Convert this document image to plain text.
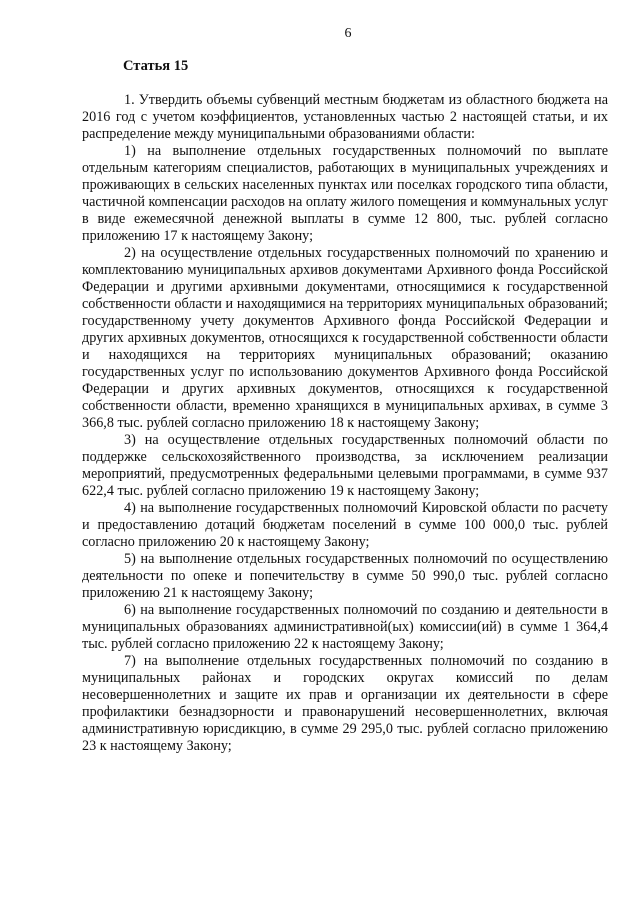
6
Статья 15

1. Утвердить объемы субвенций местным бюджетам из областного бюджета на 2016 год с учетом коэффициентов, установленных частью 2 настоящей статьи, и их распределение между муниципальными образованиями области:

1) на выполнение отдельных государственных полномочий по выплате отдельным категориям специалистов, работающих в муниципальных учреждениях и проживающих в сельских населенных пунктах или поселках городского типа области, частичной компенсации расходов на оплату жилого помещения и коммунальных услуг в виде ежемесячной денежной выплаты в сумме 12 800, тыс. рублей согласно приложению 17 к настоящему Закону;

2) на осуществление отдельных государственных полномочий по хранению и комплектованию муниципальных архивов документами Архивного фонда Российской Федерации и другими архивными документами, относящимися к государственной собственности области и находящимися на территориях муниципальных образований; государственному учету документов Архивного фонда Российской Федерации и других архивных документов, относящихся к государственной собственности области и находящихся на территориях муниципальных образований; оказанию государственных услуг по использованию документов Архивного фонда Российской Федерации и других архивных документов, относящихся к государственной собственности области, временно хранящихся в муниципальных архивах, в сумме 3 366,8 тыс. рублей согласно приложению 18 к настоящему Закону;

3) на осуществление отдельных государственных полномочий области по поддержке сельскохозяйственного производства, за исключением реализации мероприятий, предусмотренных федеральными целевыми программами, в сумме 937 622,4 тыс. рублей согласно приложению 19 к настоящему Закону;

4) на выполнение государственных полномочий Кировской области по расчету и предоставлению дотаций бюджетам поселений в сумме 100 000,0 тыс. рублей согласно приложению 20 к настоящему Закону;

5) на выполнение отдельных государственных полномочий по осуществлению деятельности по опеке и попечительству в сумме 50 990,0 тыс. рублей согласно приложению 21 к настоящему Закону;

6) на выполнение государственных полномочий по созданию и деятельности в муниципальных образованиях административной(ых) комиссии(ий) в сумме 1 364,4 тыс. рублей согласно приложению 22 к настоящему Закону;

7) на выполнение отдельных государственных полномочий по созданию в муниципальных районах и городских округах комиссий по делам несовершеннолетних и защите их прав и организации их деятельности в сфере профилактики безнадзорности и правонарушений несовершеннолетних, включая административную юрисдикцию, в сумме 29 295,0 тыс. рублей согласно приложению 23 к настоящему Закону;
